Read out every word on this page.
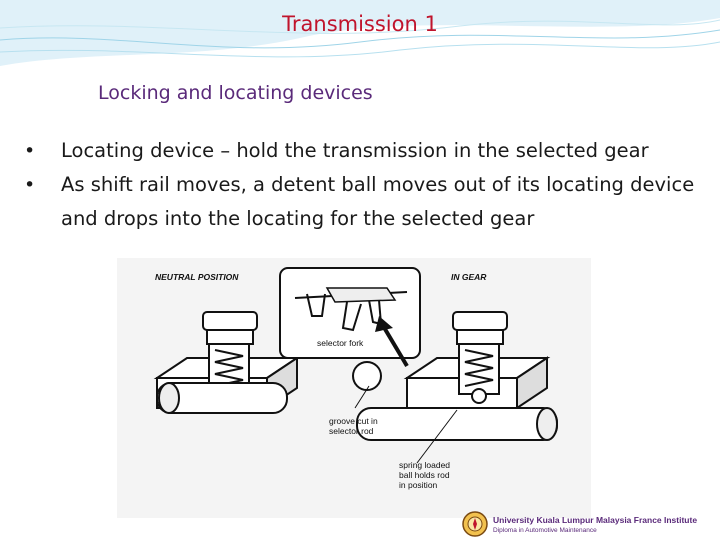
Transmission 1
Locking and locating devices
• Locating device – hold the transmission in the selected gear
• As shift rail moves, a detent ball moves out of its locating device and drops into the locating for the selected gear
NEUTRAL POSITION	IN GEAR
selector fork
groove cut in
selector rod
spring loaded
ball holds rod
in position
University Kuala Lumpur Malaysia France Institute
Diploma in Automotive Maintenance
